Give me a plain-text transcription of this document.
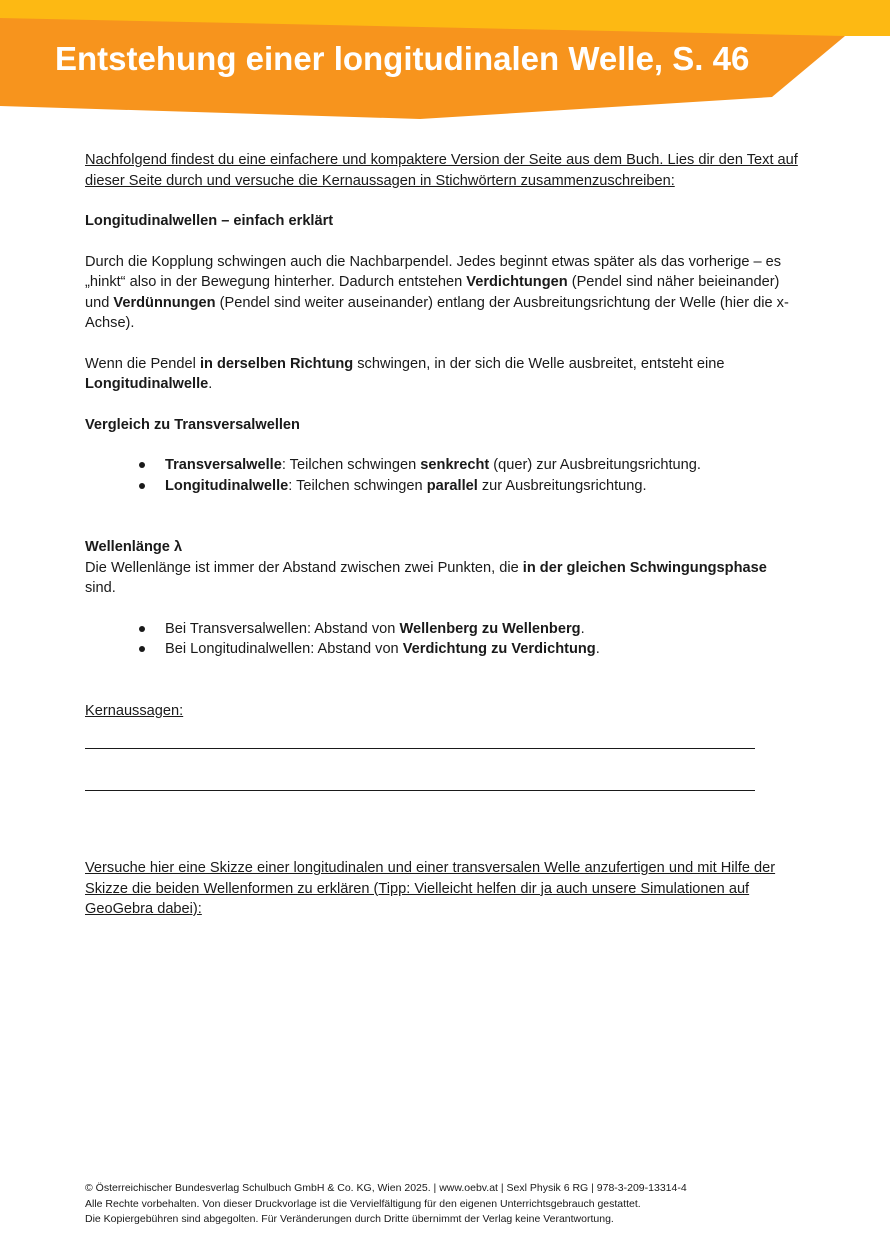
Entstehung einer longitudinalen Welle, S. 46

Nachfolgend findest du eine einfachere und kompaktere Version der Seite aus dem Buch. Lies dir den Text auf dieser Seite durch und versuche die Kernaussagen in Stichwörtern zusammenzuschreiben:

Longitudinalwellen – einfach erklärt

Durch die Kopplung schwingen auch die Nachbarpendel. Jedes beginnt etwas später als das vorherige – es „hinkt“ also in der Bewegung hinterher. Dadurch entstehen Verdichtungen (Pendel sind näher beieinander) und Verdünnungen (Pendel sind weiter auseinander) entlang der Ausbreitungsrichtung der Welle (hier die x-Achse).

Wenn die Pendel in derselben Richtung schwingen, in der sich die Welle ausbreitet, entsteht eine Longitudinalwelle.

Vergleich zu Transversalwellen

Transversalwelle: Teilchen schwingen senkrecht (quer) zur Ausbreitungsrichtung.
Longitudinalwelle: Teilchen schwingen parallel zur Ausbreitungsrichtung.

Wellenlänge λ

Die Wellenlänge ist immer der Abstand zwischen zwei Punkten, die in der gleichen Schwingungsphase sind.

Bei Transversalwellen: Abstand von Wellenberg zu Wellenberg.
Bei Longitudinalwellen: Abstand von Verdichtung zu Verdichtung.

Kernaussagen:

Versuche hier eine Skizze einer longitudinalen und einer transversalen Welle anzufertigen und mit Hilfe der Skizze die beiden Wellenformen zu erklären (Tipp: Vielleicht helfen dir ja auch unsere Simulationen auf GeoGebra dabei):

© Österreichischer Bundesverlag Schulbuch GmbH & Co. KG, Wien 2025. | www.oebv.at | Sexl Physik 6 RG | 978-3-209-13314-4

Alle Rechte vorbehalten. Von dieser Druckvorlage ist die Vervielfältigung für den eigenen Unterrichtsgebrauch gestattet.

Die Kopiergebühren sind abgegolten. Für Veränderungen durch Dritte übernimmt der Verlag keine Verantwortung.
